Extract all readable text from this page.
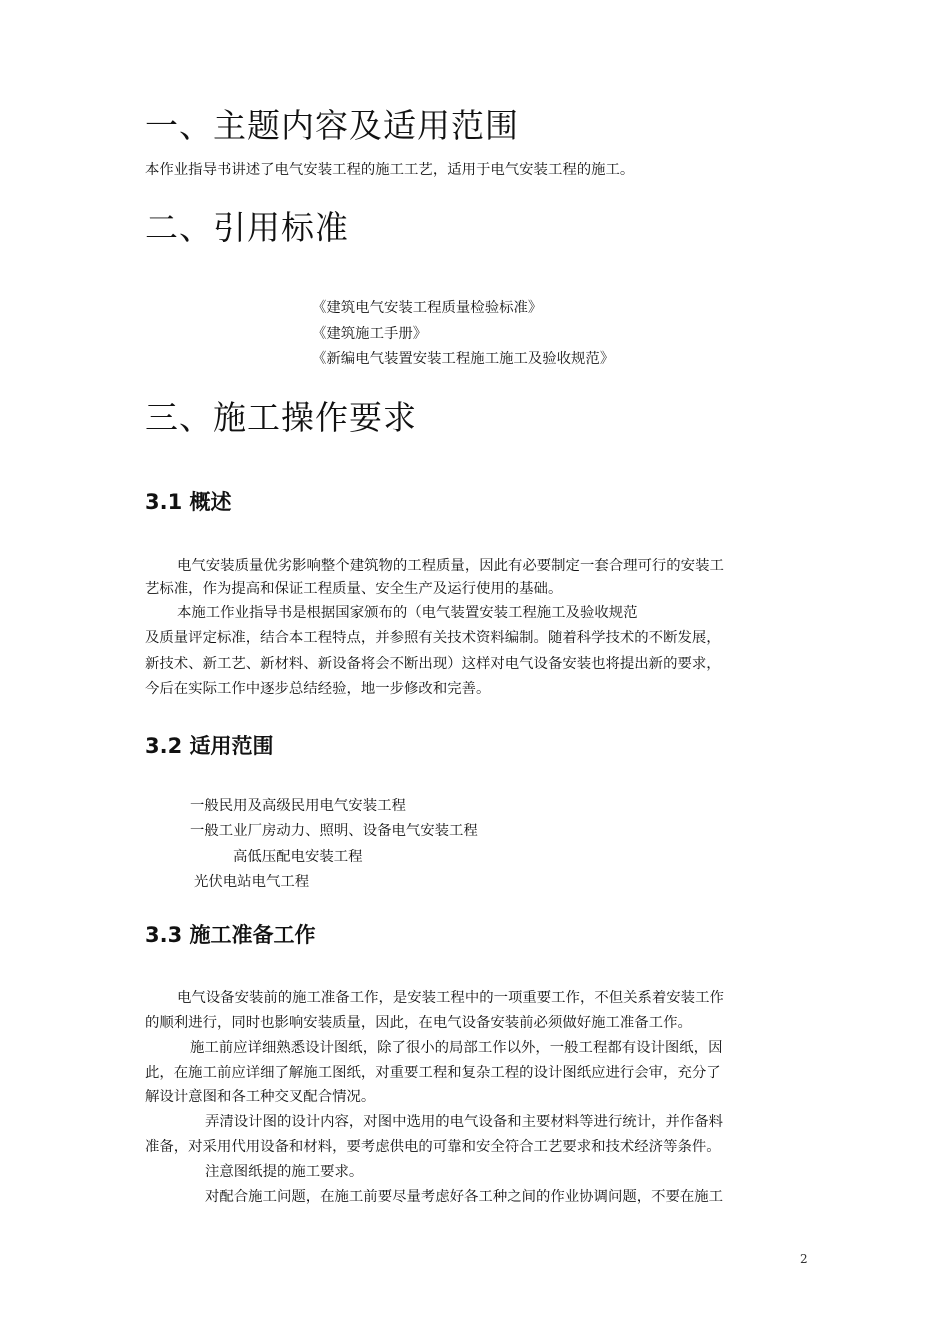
一、主题内容及适用范围
本作业指导书讲述了电气安装工程的施工工艺，适用于电气安装工程的施工。
二、引用标准
《建筑电气安装工程质量检验标准》
《建筑施工手册》
《新编电气装置安装工程施工施工及验收规范》
三、施工操作要求
3.1 概述
电气安装质量优劣影响整个建筑物的工程质量，因此有必要制定一套合理可行的安装工
艺标准，作为提高和保证工程质量、安全生产及运行使用的基础。
本施工作业指导书是根据国家颁布的（电气装置安装工程施工及验收规范
及质量评定标准，结合本工程特点，并参照有关技术资料编制。随着科学技术的不断发展，
新技术、新工艺、新材料、新设备将会不断出现）这样对电气设备安装也将提出新的要求，
今后在实际工作中逐步总结经验，地一步修改和完善。
3.2 适用范围
一般民用及高级民用电气安装工程
一般工业厂房动力、照明、设备电气安装工程
高低压配电安装工程
光伏电站电气工程
3.3 施工准备工作
电气设备安装前的施工准备工作，是安装工程中的一项重要工作，不但关系着安装工作
的顺利进行，同时也影响安装质量，因此，在电气设备安装前必须做好施工准备工作。
施工前应详细熟悉设计图纸，除了很小的局部工作以外，一般工程都有设计图纸，因
此，在施工前应详细了解施工图纸，对重要工程和复杂工程的设计图纸应进行会审，充分了
解设计意图和各工种交叉配合情况。
弄清设计图的设计内容，对图中选用的电气设备和主要材料等进行统计，并作备料
准备，对采用代用设备和材料，要考虑供电的可靠和安全符合工艺要求和技术经济等条件。
注意图纸提的施工要求。
对配合施工问题，在施工前要尽量考虑好各工种之间的作业协调问题，不要在施工
2
